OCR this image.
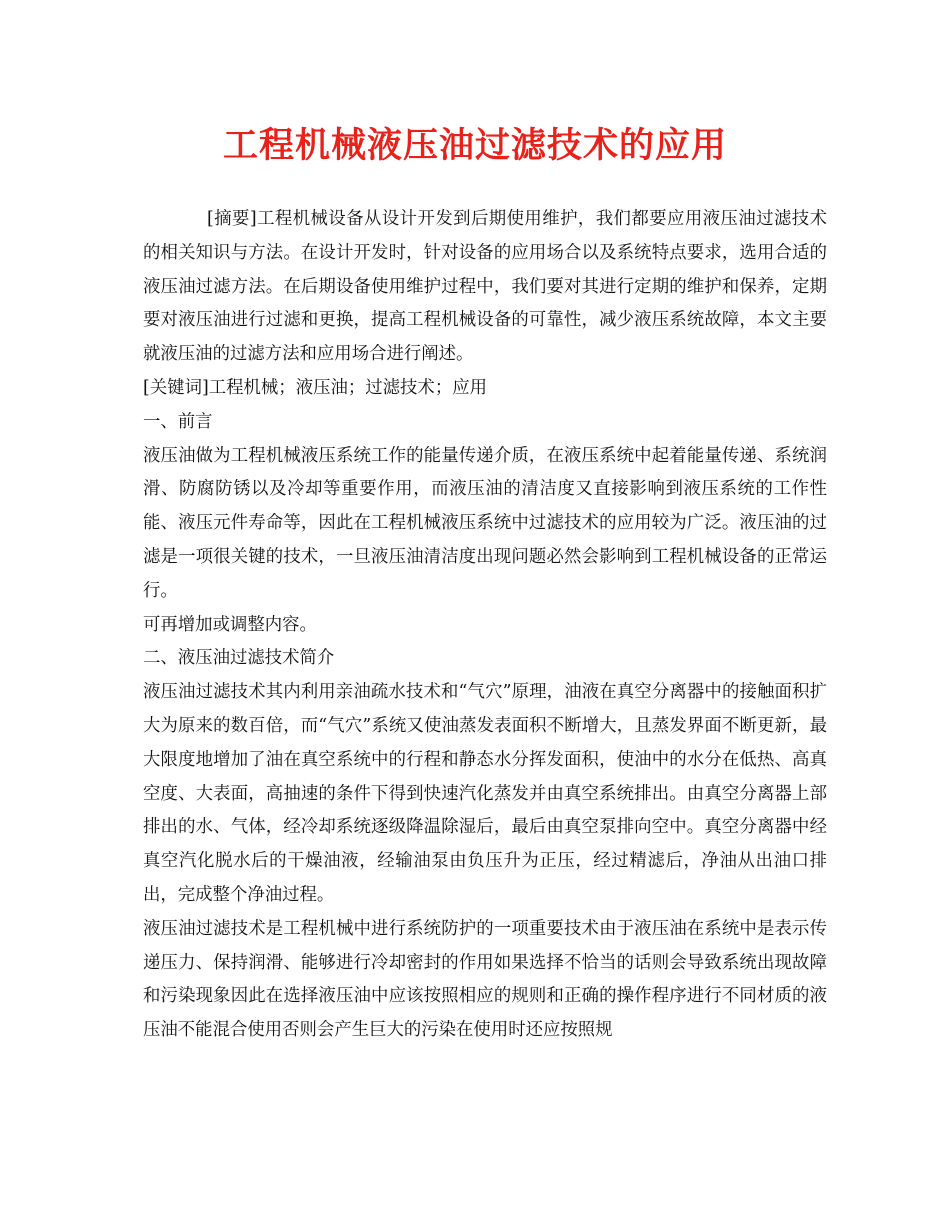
工程机械液压油过滤技术的应用

[摘要]工程机械设备从设计开发到后期使用维护，我们都要应用液压油过滤技术的相关知识与方法。在设计开发时，针对设备的应用场合以及系统特点要求，选用合适的液压油过滤方法。在后期设备使用维护过程中，我们要对其进行定期的维护和保养，定期要对液压油进行过滤和更换，提高工程机械设备的可靠性，减少液压系统故障，本文主要就液压油的过滤方法和应用场合进行阐述。

[关键词]工程机械；液压油；过滤技术；应用

一、前言

液压油做为工程机械液压系统工作的能量传递介质，在液压系统中起着能量传递、系统润滑、防腐防锈以及冷却等重要作用，而液压油的清洁度又直接影响到液压系统的工作性能、液压元件寿命等，因此在工程机械液压系统中过滤技术的应用较为广泛。液压油的过滤是一项很关键的技术，一旦液压油清洁度出现问题必然会影响到工程机械设备的正常运行。

可再增加或调整内容。

二、液压油过滤技术简介

液压油过滤技术其内利用亲油疏水技术和“气穴”原理，油液在真空分离器中的接触面积扩大为原来的数百倍，而“气穴”系统又使油蒸发表面积不断增大，且蒸发界面不断更新，最大限度地增加了油在真空系统中的行程和静态水分挥发面积，使油中的水分在低热、高真空度、大表面，高抽速的条件下得到快速汽化蒸发并由真空系统排出。由真空分离器上部排出的水、气体，经冷却系统逐级降温除湿后，最后由真空泵排向空中。真空分离器中经真空汽化脱水后的干燥油液，经输油泵由负压升为正压，经过精滤后，净油从出油口排出，完成整个净油过程。

液压油过滤技术是工程机械中进行系统防护的一项重要技术由于液压油在系统中是表示传递压力、保持润滑、能够进行冷却密封的作用如果选择不恰当的话则会导致系统出现故障和污染现象因此在选择液压油中应该按照相应的规则和正确的操作程序进行不同材质的液压油不能混合使用否则会产生巨大的污染在使用时还应按照规
